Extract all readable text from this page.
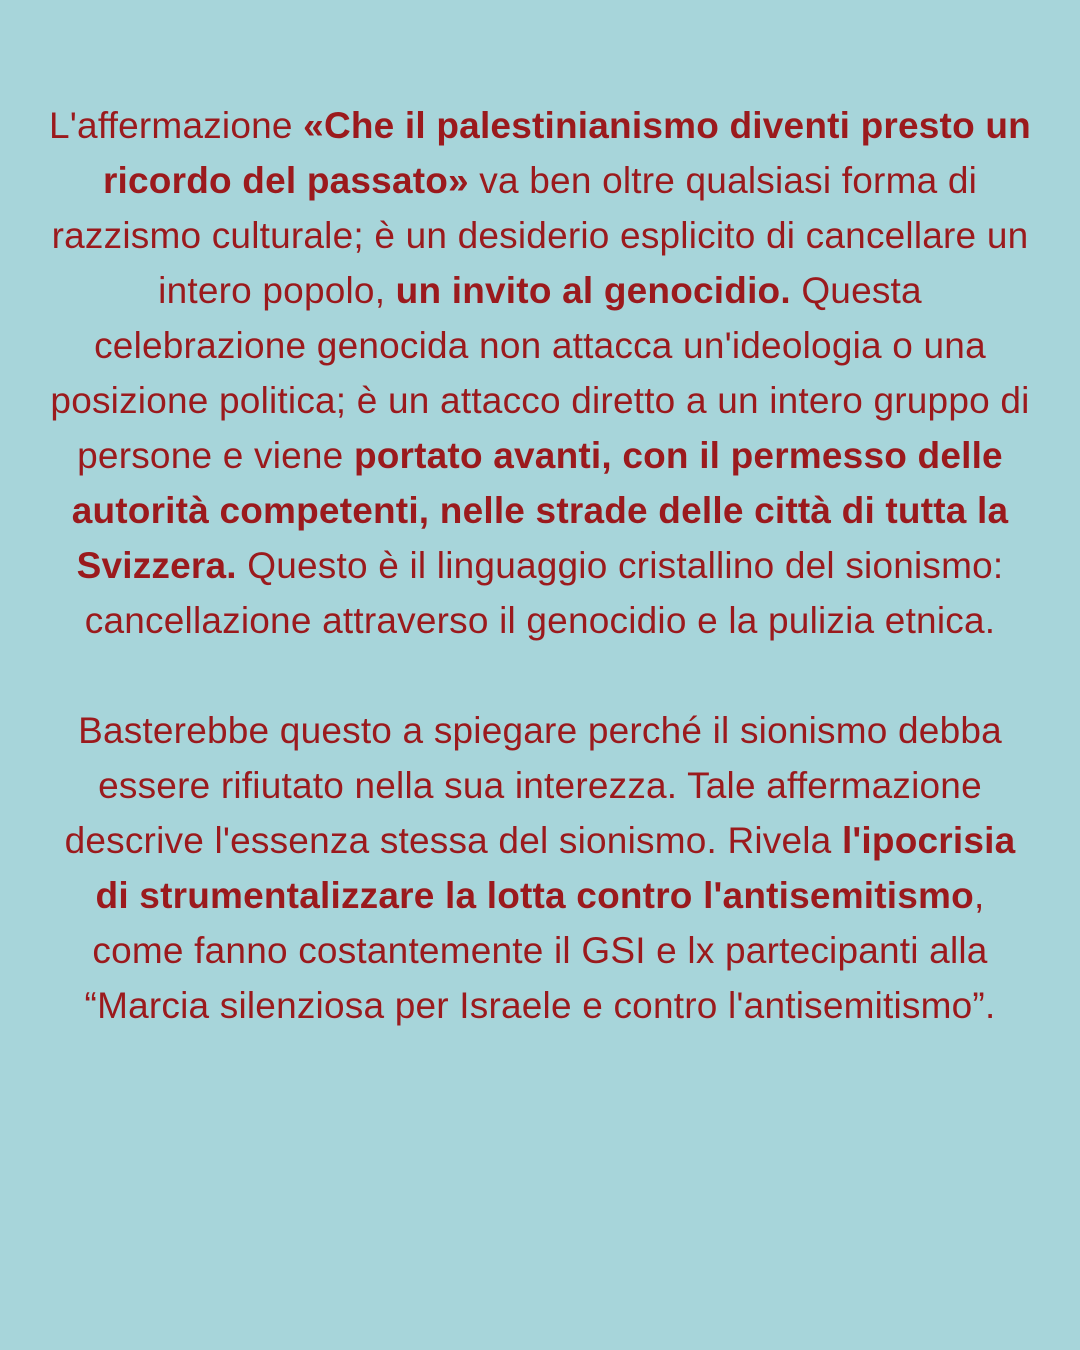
L'affermazione «Che il palestinianismo diventi presto un ricordo del passato» va ben oltre qualsiasi forma di razzismo culturale; è un desiderio esplicito di cancellare un intero popolo, un invito al genocidio. Questa celebrazione genocida non attacca un'ideologia o una posizione politica; è un attacco diretto a un intero gruppo di persone e viene portato avanti, con il permesso delle autorità competenti, nelle strade delle città di tutta la Svizzera. Questo è il linguaggio cristallino del sionismo: cancellazione attraverso il genocidio e la pulizia etnica.

Basterebbe questo a spiegare perché il sionismo debba essere rifiutato nella sua interezza. Tale affermazione descrive l'essenza stessa del sionismo. Rivela l'ipocrisia di strumentalizzare la lotta contro l'antisemitismo, come fanno costantemente il GSI e lx partecipanti alla “Marcia silenziosa per Israele e contro l'antisemitismo”.
